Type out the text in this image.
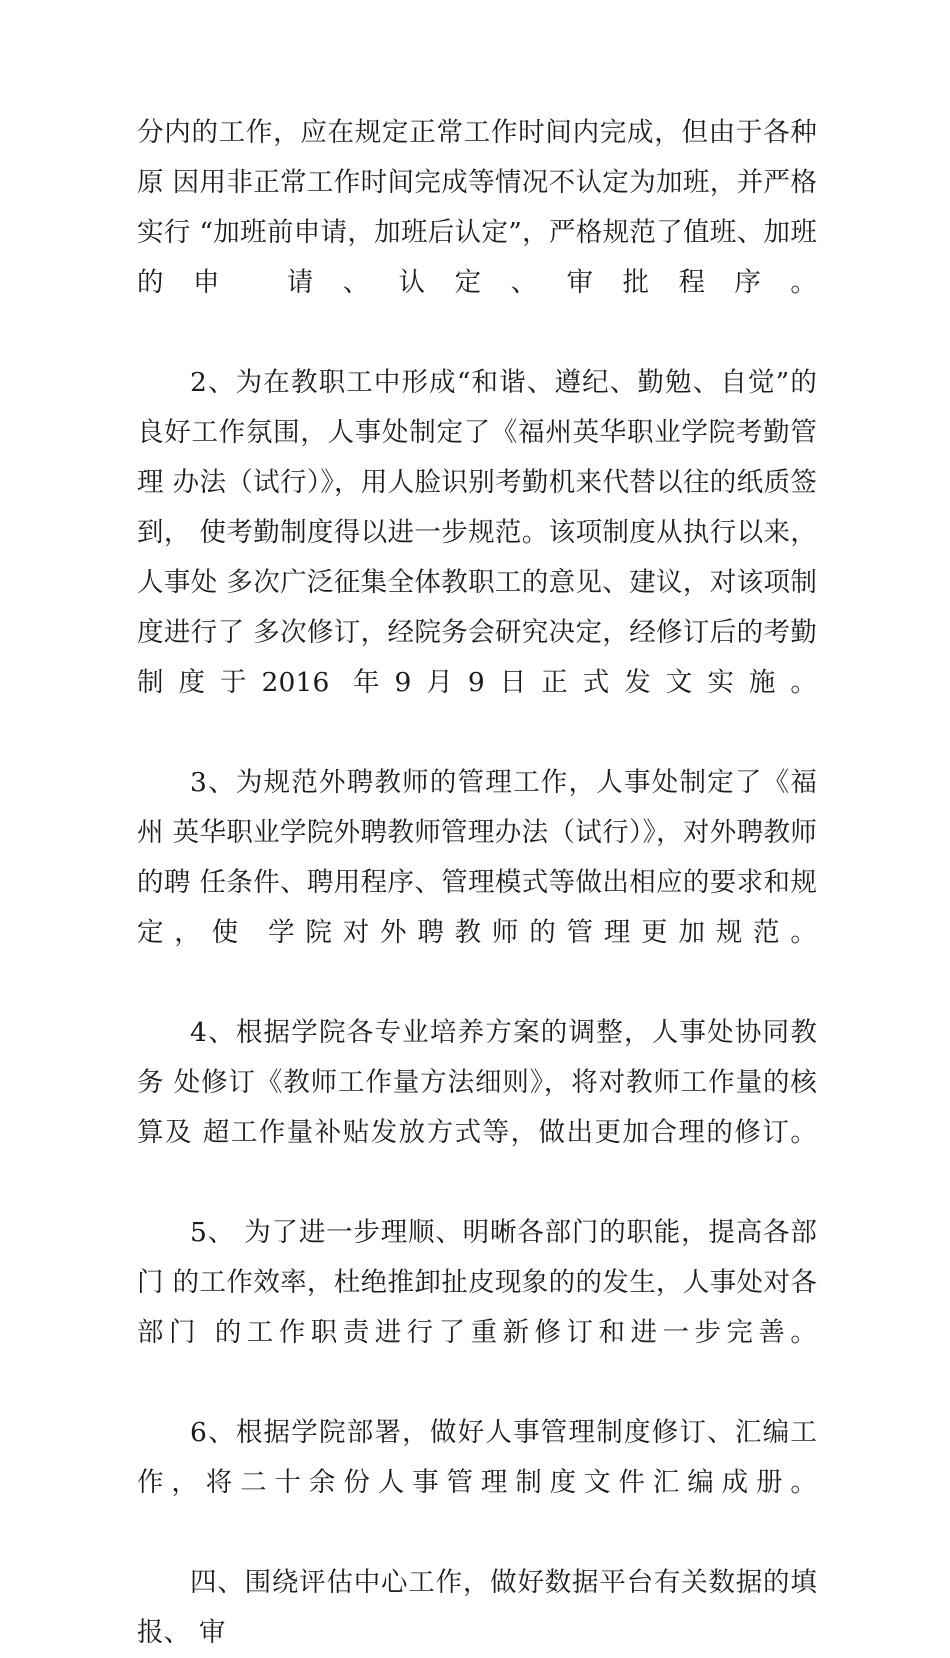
分内的工作，应在规定正常工作时间内完成，但由于各种原 因用非正常工作时间完成等情况不认定为加班，并严格实行 “加班前申请，加班后认定”，严格规范了值班、加班的申 请、认定、审批程序。

2、为在教职工中形成“和谐、遵纪、勤勉、自觉”的 良好工作氛围，人事处制定了《福州英华职业学院考勤管理 办法（试行）》，用人脸识别考勤机来代替以往的纸质签到， 使考勤制度得以进一步规范。该项制度从执行以来，人事处 多次广泛征集全体教职工的意见、建议，对该项制度进行了 多次修订，经院务会研究决定，经修订后的考勤制度于2016 年9月9日正式发文实施。

3、为规范外聘教师的管理工作，人事处制定了《福州 英华职业学院外聘教师管理办法（试行）》，对外聘教师的聘 任条件、聘用程序、管理模式等做出相应的要求和规定，使 学院对外聘教师的管理更加规范。

4、根据学院各专业培养方案的调整，人事处协同教务 处修订《教师工作量方法细则》，将对教师工作量的核算及 超工作量补贴发放方式等，做出更加合理的修订。

5、 为了进一步理顺、明晰各部门的职能，提高各部门 的工作效率，杜绝推卸扯皮现象的的发生，人事处对各部门 的工作职责进行了重新修订和进一步完善。

6、根据学院部署，做好人事管理制度修订、汇编工作，将二十余份人事管理制度文件汇编成册。

四、围绕评估中心工作，做好数据平台有关数据的填报、 审
